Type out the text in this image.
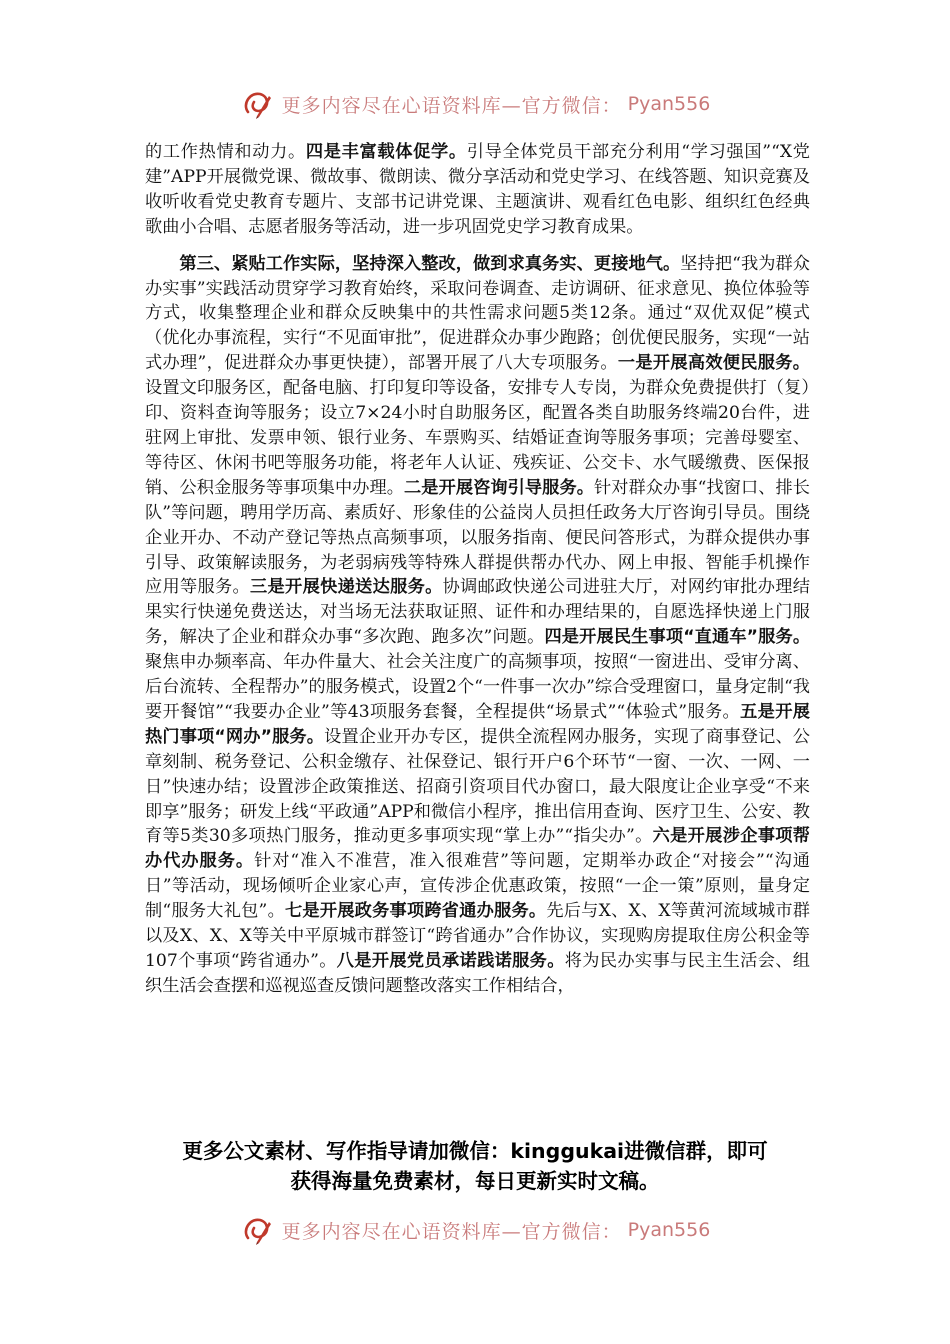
更多内容尽在心语资料库—官方微信： Pyan556

的工作热情和动力。四是丰富载体促学。引导全体党员干部充分利用“学习强国”“X党建”APP开展微党课、微故事、微朗读、微分享活动和党史学习、在线答题、知识竞赛及收听收看党史教育专题片、支部书记讲党课、主题演讲、观看红色电影、组织红色经典歌曲小合唱、志愿者服务等活动，进一步巩固党史学习教育成果。

第三、紧贴工作实际，坚持深入整改，做到求真务实、更接地气。坚持把“我为群众办实事”实践活动贯穿学习教育始终，采取问卷调查、走访调研、征求意见、换位体验等方式，收集整理企业和群众反映集中的共性需求问题5类12条。通过“双优双促”模式（优化办事流程，实行“不见面审批”，促进群众办事少跑路；创优便民服务，实现“一站式办理”，促进群众办事更快捷），部署开展了八大专项服务。一是开展高效便民服务。设置文印服务区，配备电脑、打印复印等设备，安排专人专岗，为群众免费提供打（复）印、资料查询等服务；设立7×24小时自助服务区，配置各类自助服务终端20台件，进驻网上审批、发票申领、银行业务、车票购买、结婚证查询等服务事项；完善母婴室、等待区、休闲书吧等服务功能，将老年人认证、残疾证、公交卡、水气暖缴费、医保报销、公积金服务等事项集中办理。二是开展咨询引导服务。针对群众办事“找窗口、排长队”等问题，聘用学历高、素质好、形象佳的公益岗人员担任政务大厅咨询引导员。围绕企业开办、不动产登记等热点高频事项，以服务指南、便民问答形式，为群众提供办事引导、政策解读服务，为老弱病残等特殊人群提供帮办代办、网上申报、智能手机操作应用等服务。三是开展快递送达服务。协调邮政快递公司进驻大厅，对网约审批办理结果实行快递免费送达，对当场无法获取证照、证件和办理结果的，自愿选择快递上门服务，解决了企业和群众办事“多次跑、跑多次”问题。四是开展民生事项“直通车”服务。聚焦申办频率高、年办件量大、社会关注度广的高频事项，按照“一窗进出、受审分离、后台流转、全程帮办”的服务模式，设置2个“一件事一次办”综合受理窗口，量身定制“我要开餐馆”“我要办企业”等43项服务套餐，全程提供“场景式”“体验式”服务。五是开展热门事项“网办”服务。设置企业开办专区，提供全流程网办服务，实现了商事登记、公章刻制、税务登记、公积金缴存、社保登记、银行开户6个环节“一窗、一次、一网、一日”快速办结；设置涉企政策推送、招商引资项目代办窗口，最大限度让企业享受“不来即享”服务；研发上线“平政通”APP和微信小程序，推出信用查询、医疗卫生、公安、教育等5类30多项热门服务，推动更多事项实现“掌上办”“指尖办”。六是开展涉企事项帮办代办服务。针对“准入不准营，准入很难营”等问题，定期举办政企“对接会”“沟通日”等活动，现场倾听企业家心声，宣传涉企优惠政策，按照“一企一策”原则，量身定制“服务大礼包”。七是开展政务事项跨省通办服务。先后与X、X、X等黄河流域城市群以及X、X、X等关中平原城市群签订“跨省通办”合作协议，实现购房提取住房公积金等107个事项“跨省通办”。八是开展党员承诺践诺服务。将为民办实事与民主生活会、组织生活会查摆和巡视巡查反馈问题整改落实工作相结合，

更多公文素材、写作指导请加微信：kinggukai进微信群，即可
获得海量免费素材，每日更新实时文稿。
更多内容尽在心语资料库—官方微信： Pyan556
